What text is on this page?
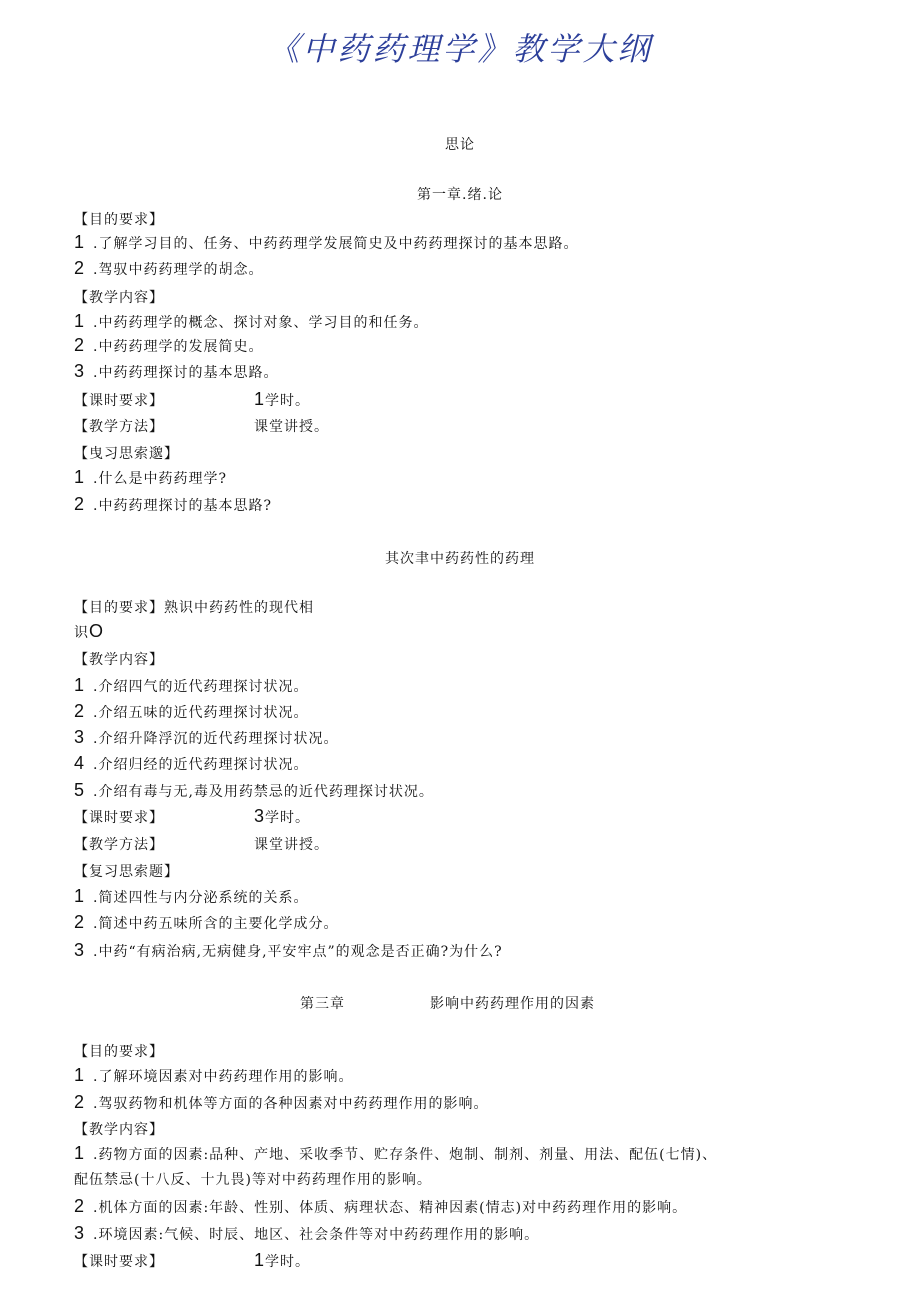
《中药药理学》教学大纲
思论
第一章.绪.论
【目的要求】
1 .了解学习目的、任务、中药药理学发展简史及中药药理探讨的基本思路。
2 .驾驭中药药理学的胡念。
【教学内容】
1 .中药药理学的概念、探讨对象、学习目的和任务。
2 .中药药理学的发展简史。
3 .中药药理探讨的基本思路。
【课时要求】	1学时。
【教学方法】	课堂讲授。
【曳习思索邈】
1 .什么是中药药理学?
2 .中药药理探讨的基本思路?
其次聿中药药性的药理
【目的要求】熟识中药药性的现代相
识O
【教学内容】
1 .介绍四气的近代药理探讨状况。
2 .介绍五味的近代药理探讨状况。
3 .介绍升降浮沉的近代药理探讨状况。
4 .介绍归经的近代药理探讨状况。
5 .介绍有毒与无,毒及用药禁忌的近代药理探讨状况。
【课时要求】	3学时。
【教学方法】	课堂讲授。
【复习思索题】
1 .简述四性与内分泌系统的关系。
2 .简述中药五味所含的主要化学成分。
3 .中药“有病治病,无病健身,平安牢点”的观念是否正确?为什么?
第三章	影响中药药理作用的因素
【目的要求】
1 .了解环境因素对中药药理作用的影响。
2 .驾驭药物和机体等方面的各种因素对中药药理作用的影响。
【教学内容】
1 .药物方面的因素:品种、产地、采收季节、贮存条件、炮制、制剂、剂量、用法、配伍(七情)、
配伍禁忌(十八反、十九畏)等对中药药理作用的影响。
2 .机体方面的因素:年龄、性别、体质、病理状态、精神因素(情志)对中药药理作用的影响。
3 .环境因素:气候、时辰、地区、社会条件等对中药药理作用的影响。
【课时要求】	1学时。
